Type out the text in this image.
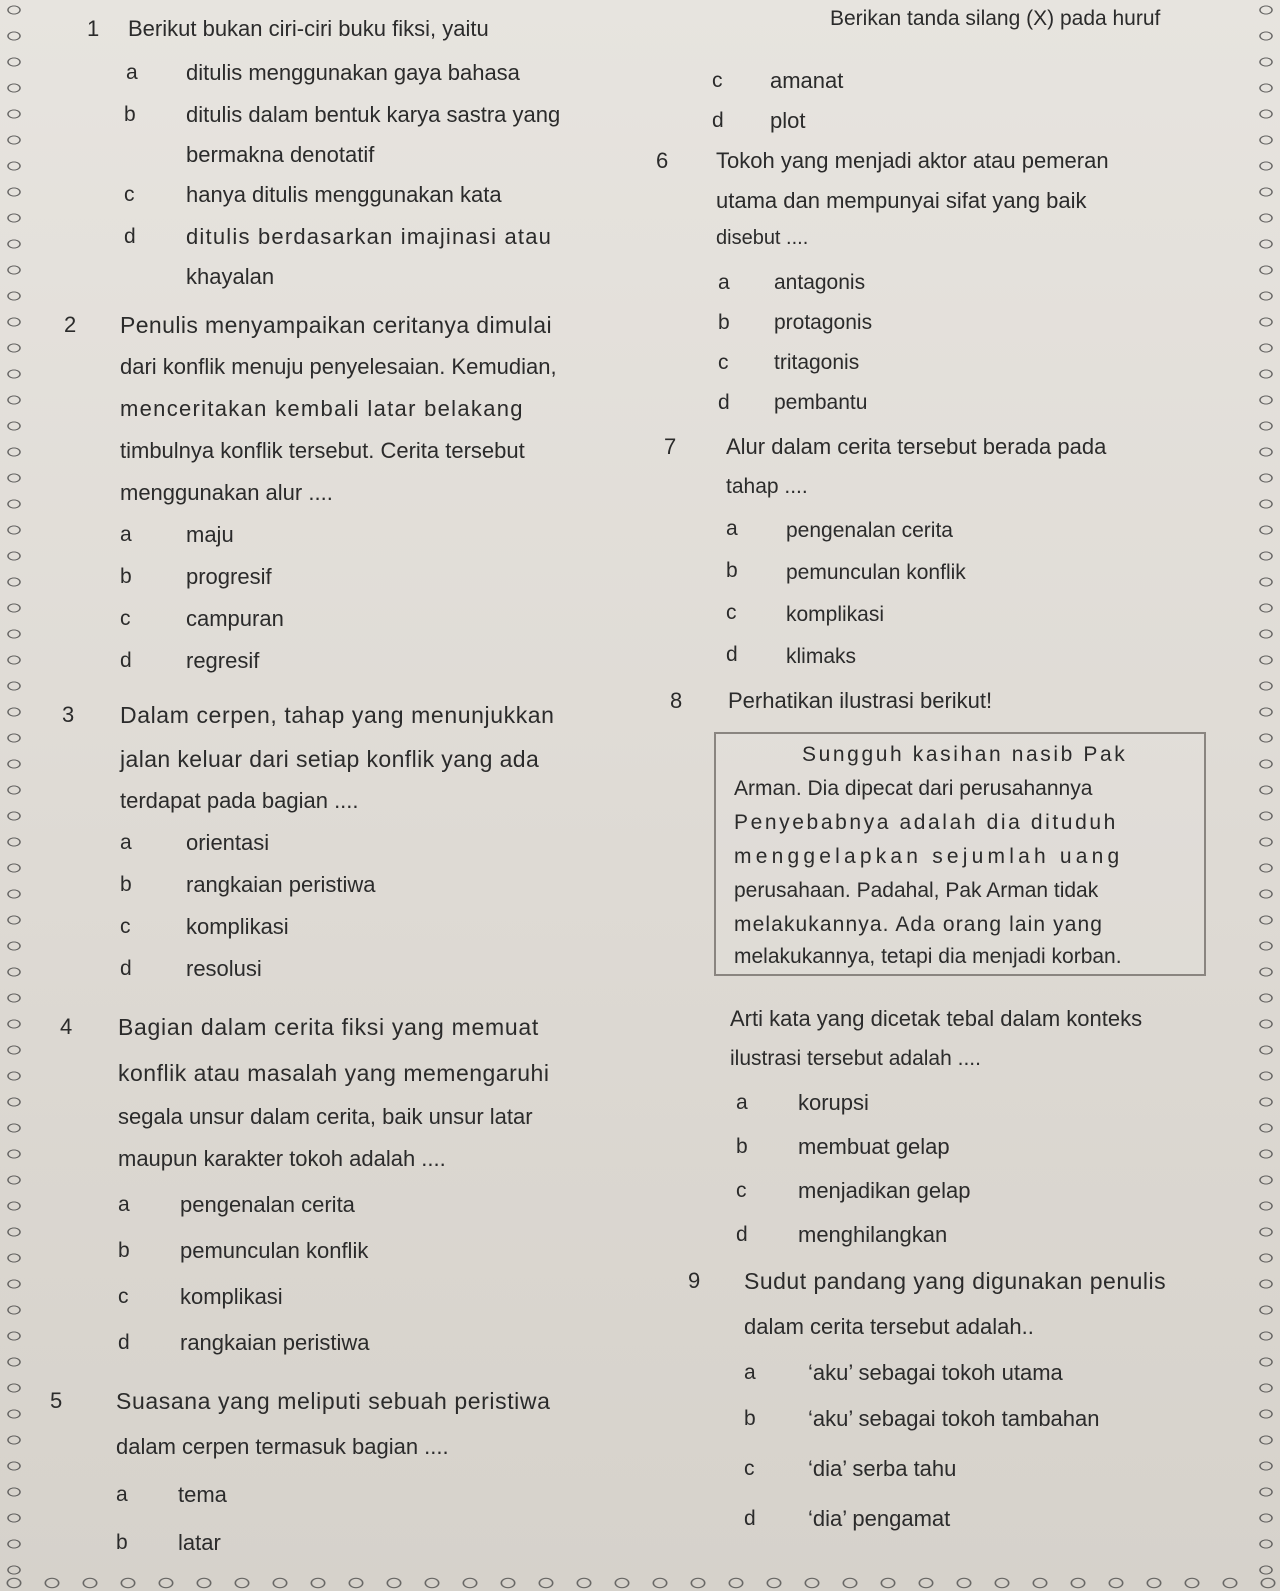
Berikan tanda silang (X) pada huruf
1 Berikut bukan ciri-ciri buku fiksi, yaitu
a ditulis menggunakan gaya bahasa
b ditulis dalam bentuk karya sastra yang
bermakna denotatif
c hanya ditulis menggunakan kata
d ditulis berdasarkan imajinasi atau
khayalan
2 Penulis menyampaikan ceritanya dimulai
dari konflik menuju penyelesaian. Kemudian,
menceritakan kembali latar belakang
timbulnya konflik tersebut. Cerita tersebut
menggunakan alur ....
a maju
b progresif
c	campuran
d regresif
3 Dalam cerpen, tahap yang menunjukkan
jalan keluar dari setiap konflik yang ada
terdapat pada bagian ....
a orientasi
b rangkaian peristiwa
c	komplikasi
d resolusi
4 Bagian dalam cerita fiksi yang memuat
konflik atau masalah yang memengaruhi
segala unsur dalam cerita, baik unsur latar
maupun karakter tokoh adalah ....
a pengenalan cerita
b pemunculan konflik
c komplikasi
d rangkaian peristiwa
5 Suasana yang meliputi sebuah peristiwa
dalam cerpen termasuk bagian ....
a tema
b latar
c amanat
d plot
6 Tokoh yang menjadi aktor atau pemeran
utama dan mempunyai sifat yang baik
disebut ....
a antagonis
b protagonis
c tritagonis
d pembantu
7 Alur dalam cerita tersebut berada pada
tahap ....
a pengenalan cerita
b pemunculan konflik
c komplikasi
d klimaks
8 Perhatikan ilustrasi berikut!
Sungguh kasihan nasib Pak
Arman. Dia dipecat dari perusahannya
Penyebabnya adalah dia dituduh
menggelapkan sejumlah uang
perusahaan. Padahal, Pak Arman tidak
melakukannya. Ada orang lain yang
melakukannya, tetapi dia menjadi korban.
Arti kata yang dicetak tebal dalam konteks
ilustrasi tersebut adalah ....
a korupsi
b membuat gelap
c menjadikan gelap
d menghilangkan
9 Sudut pandang yang digunakan penulis
dalam cerita tersebut adalah..
a ‘aku’ sebagai tokoh utama
b ‘aku’ sebagai tokoh tambahan
c ‘dia’ serba tahu
d ‘dia’ pengamat
